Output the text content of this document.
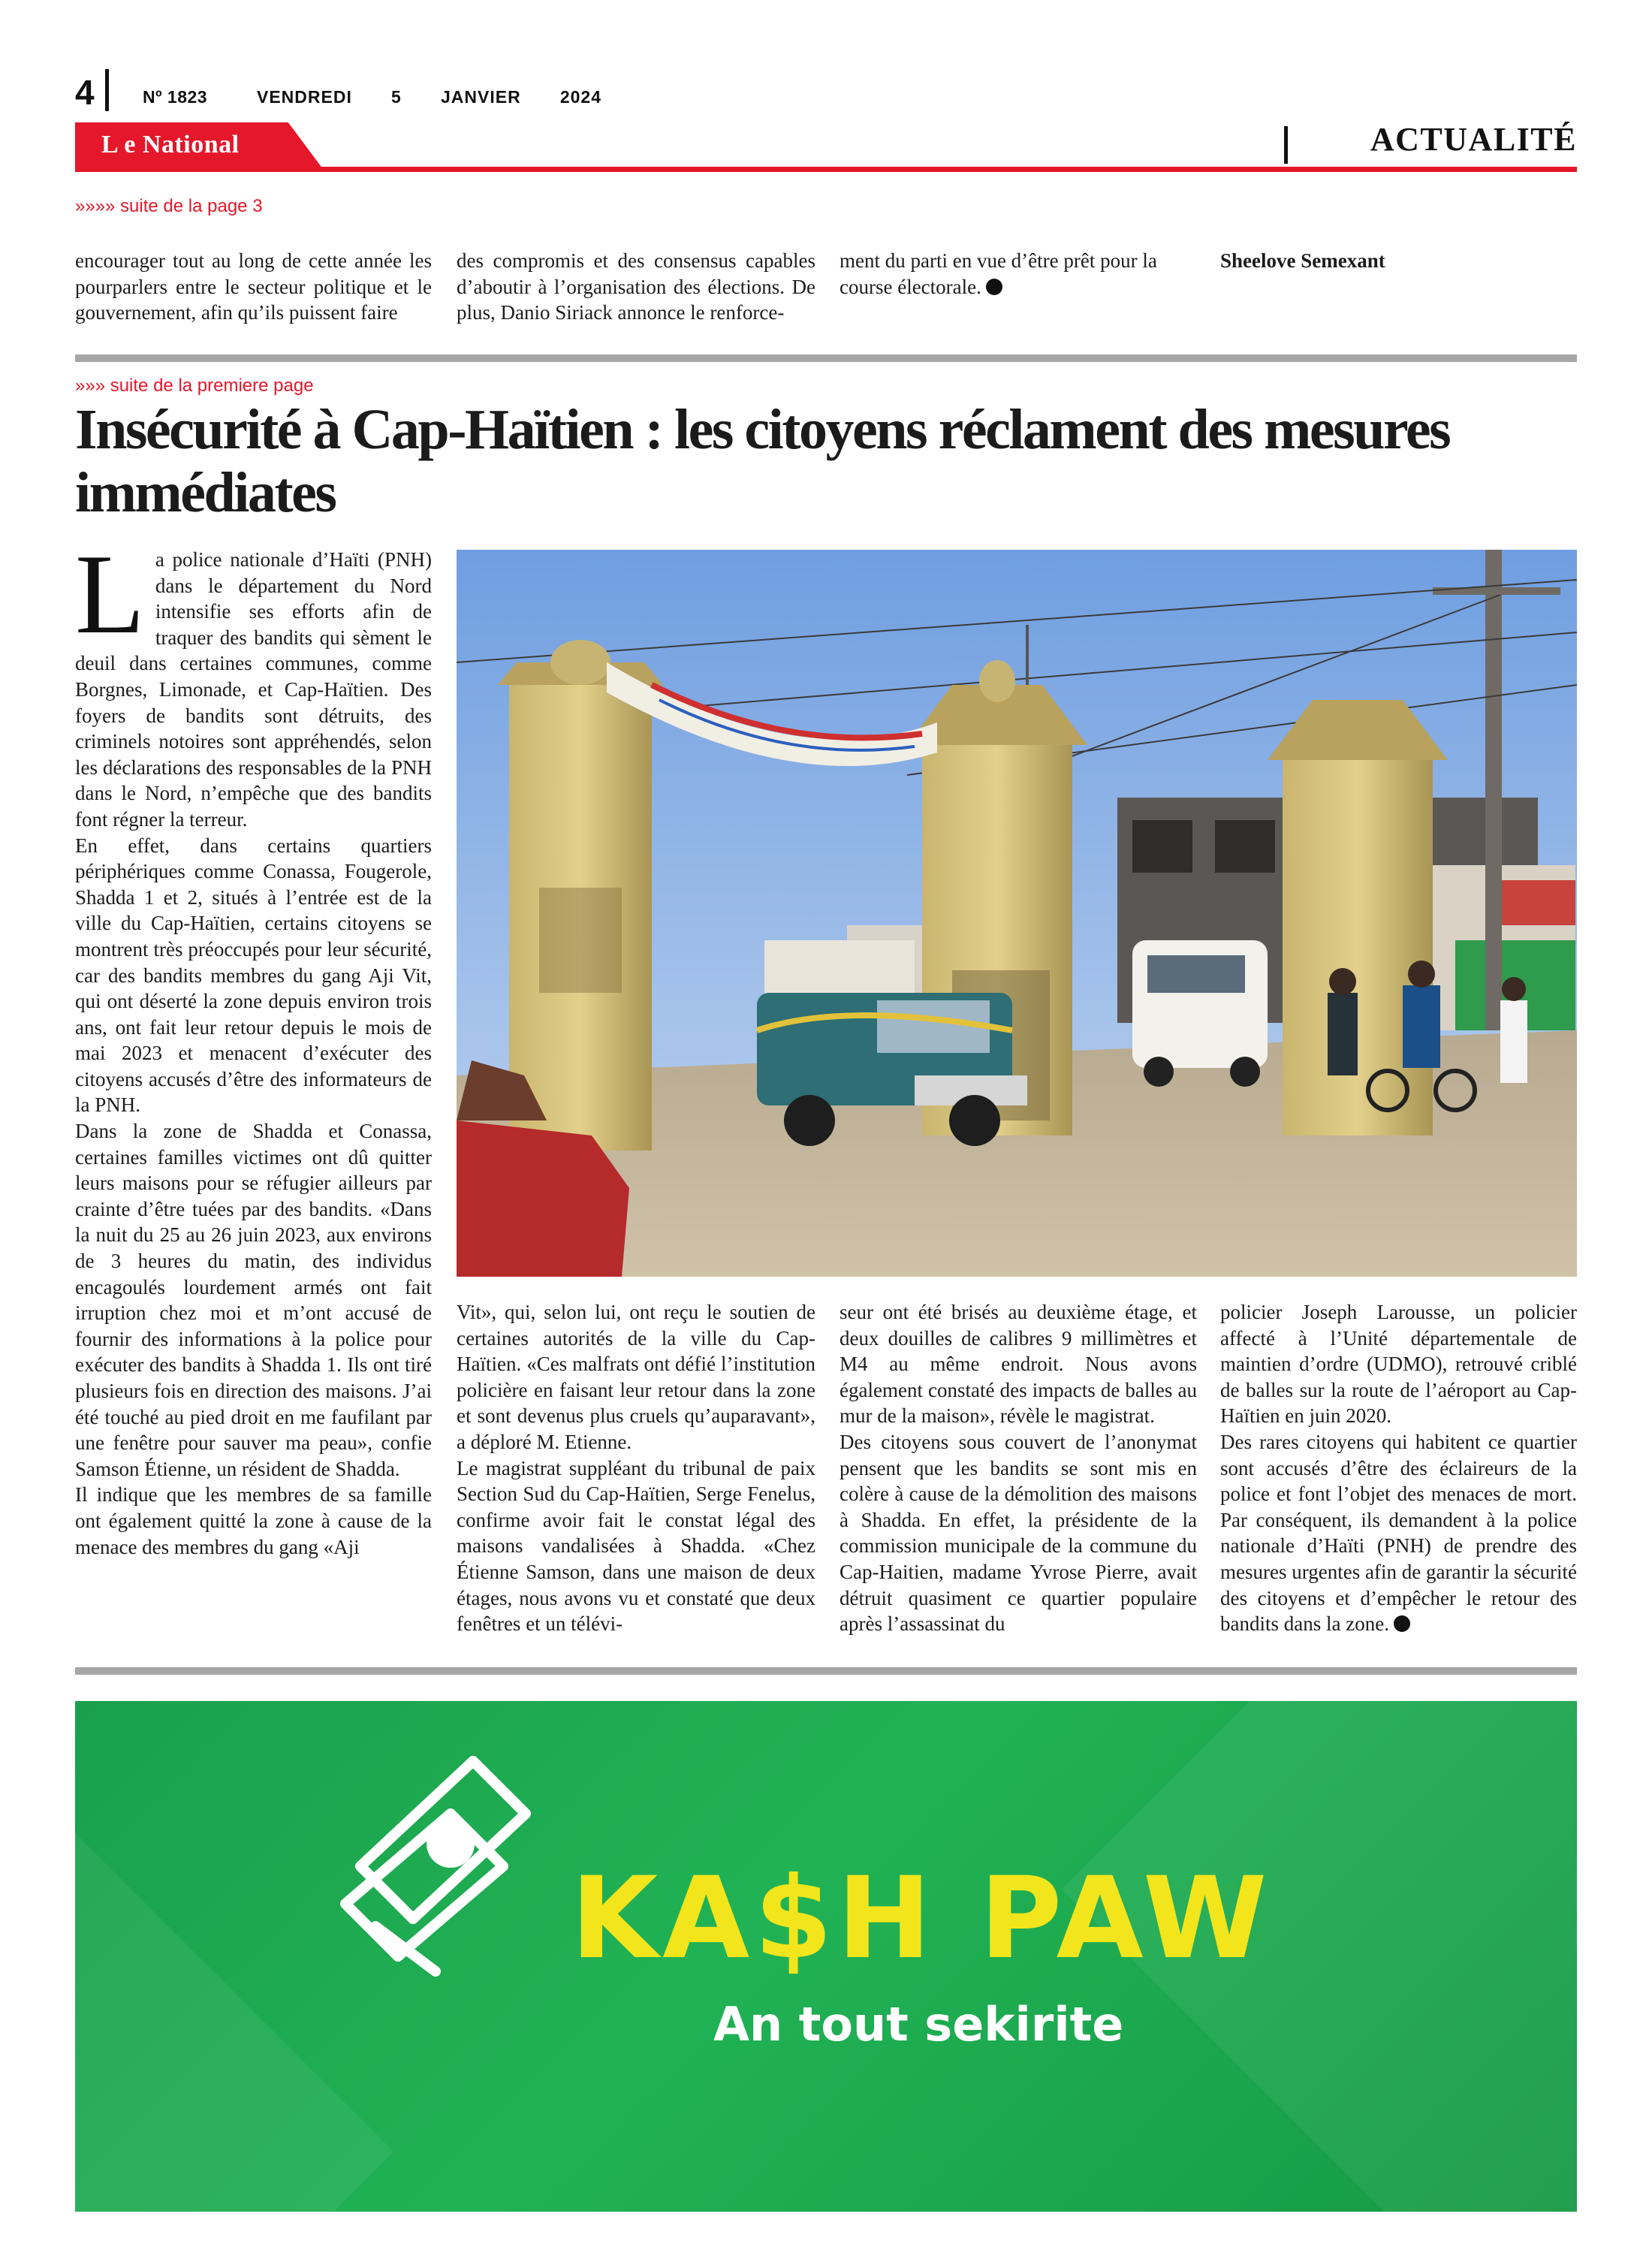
4	Nº 1823	VENDREDI   5   JANVIER   2024
L e National	ACTUALITÉ
»»»» suite de la page 3

encourager tout au long de cette année les pourparlers entre le secteur politique et le gouvernement, afin qu’ils puissent faire

des compromis et des consensus capables d’aboutir à l’organisation des élections. De plus, Danio Siriack annonce le renforce-

ment du parti en vue d’être prêt pour la course électorale.

Sheelove Semexant

»»» suite de la premiere page
Insécurité à Cap-Haïtien : les citoyens réclament des mesures immédiates

La police nationale d’Haïti (PNH) dans le département du Nord intensifie ses efforts afin de traquer des bandits qui sèment le deuil dans certaines communes, comme Borgnes, Limonade, et Cap-Haïtien. Des foyers de bandits sont détruits, des criminels notoires sont appréhendés, selon les déclarations des responsables de la PNH dans le Nord, n’empêche que des bandits font régner la terreur.

En effet, dans certains quartiers périphériques comme Conassa, Fougerole, Shadda 1 et 2, situés à l’entrée est de la ville du Cap-Haïtien, certains citoyens se montrent très préoccupés pour leur sécurité, car des bandits membres du gang Aji Vit, qui ont déserté la zone depuis environ trois ans, ont fait leur retour depuis le mois de mai 2023 et menacent d’exécuter des citoyens accusés d’être des informateurs de la PNH.

Dans la zone de Shadda et Conassa, certaines familles victimes ont dû quitter leurs maisons pour se réfugier ailleurs par crainte d’être tuées par des bandits. «Dans la nuit du 25 au 26 juin 2023, aux environs de 3 heures du matin, des individus encagoulés lourdement armés ont fait irruption chez moi et m’ont accusé de fournir des informations à la police pour exécuter des bandits à Shadda 1. Ils ont tiré plusieurs fois en direction des maisons. J’ai été touché au pied droit en me faufilant par une fenêtre pour sauver ma peau», confie Samson Étienne, un résident de Shadda.

Il indique que les membres de sa famille ont également quitté la zone à cause de la menace des membres du gang «Aji

Vit», qui, selon lui, ont reçu le soutien de certaines autorités de la ville du Cap-Haïtien. «Ces malfrats ont défié l’institution policière en faisant leur retour dans la zone et sont devenus plus cruels qu’auparavant», a déploré M. Etienne.

Le magistrat suppléant du tribunal de paix Section Sud du Cap-Haïtien, Serge Fenelus, confirme avoir fait le constat légal des maisons vandalisées à Shadda. «Chez Étienne Samson, dans une maison de deux étages, nous avons vu et constaté que deux fenêtres et un télévi-

seur ont été brisés au deuxième étage, et deux douilles de calibres 9 millimètres et M4 au même endroit. Nous avons également constaté des impacts de balles au mur de la maison», révèle le magistrat.

Des citoyens sous couvert de l’anonymat pensent que les bandits se sont mis en colère à cause de la démolition des maisons à Shadda. En effet, la présidente de la commission municipale de la commune du Cap-Haitien, madame Yvrose Pierre, avait détruit quasiment ce quartier populaire après l’assassinat du

policier Joseph Larousse, un policier affecté à l’Unité départementale de maintien d’ordre (UDMO), retrouvé criblé de balles sur la route de l’aéroport au Cap-Haïtien en juin 2020.

Des rares citoyens qui habitent ce quartier sont accusés d’être des éclaireurs de la police et font l’objet des menaces de mort. Par conséquent, ils demandent à la police nationale d’Haïti (PNH) de prendre des mesures urgentes afin de garantir la sécurité des citoyens et d’empêcher le retour des bandits dans la zone.

KA$H PAW
An tout sekirite
